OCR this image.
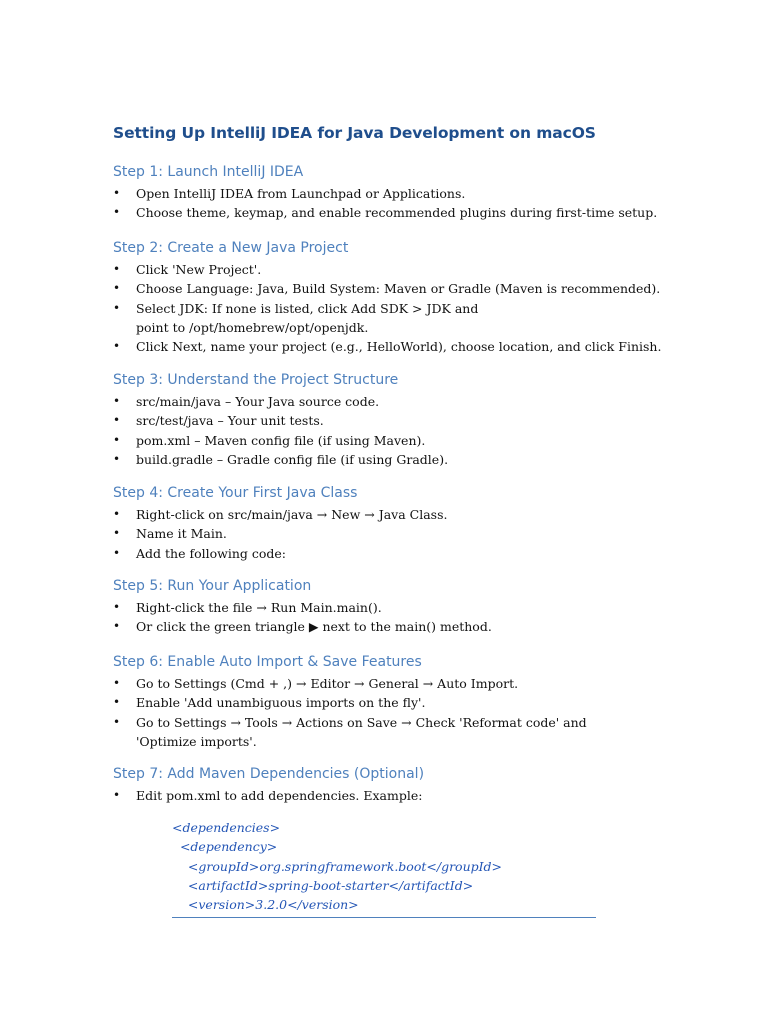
Setting Up IntelliJ IDEA for Java Development on macOS
Step 1: Launch IntelliJ IDEA
• Open IntelliJ IDEA from Launchpad or Applications.
• Choose theme, keymap, and enable recommended plugins during first-time setup.
Step 2: Create a New Java Project
• Click 'New Project'.
• Choose Language: Java, Build System: Maven or Gradle (Maven is recommended).
• Select JDK: If none is listed, click Add SDK > JDK and point to /opt/homebrew/opt/openjdk.
• Click Next, name your project (e.g., HelloWorld), choose location, and click Finish.
Step 3: Understand the Project Structure
• src/main/java – Your Java source code.
• src/test/java – Your unit tests.
• pom.xml – Maven config file (if using Maven).
• build.gradle – Gradle config file (if using Gradle).
Step 4: Create Your First Java Class
• Right-click on src/main/java → New → Java Class.
• Name it Main.
• Add the following code:
Step 5: Run Your Application
• Right-click the file → Run Main.main().
• Or click the green triangle ▶ next to the main() method.
Step 6: Enable Auto Import & Save Features
• Go to Settings (Cmd + ,) → Editor → General → Auto Import.
• Enable 'Add unambiguous imports on the fly'.
• Go to Settings → Tools → Actions on Save → Check 'Reformat code' and 'Optimize imports'.
Step 7: Add Maven Dependencies (Optional)
• Edit pom.xml to add dependencies. Example:
<dependencies>
<dependency>
<groupId>org.springframework.boot</groupId>
<artifactId>spring-boot-starter</artifactId>
<version>3.2.0</version>
